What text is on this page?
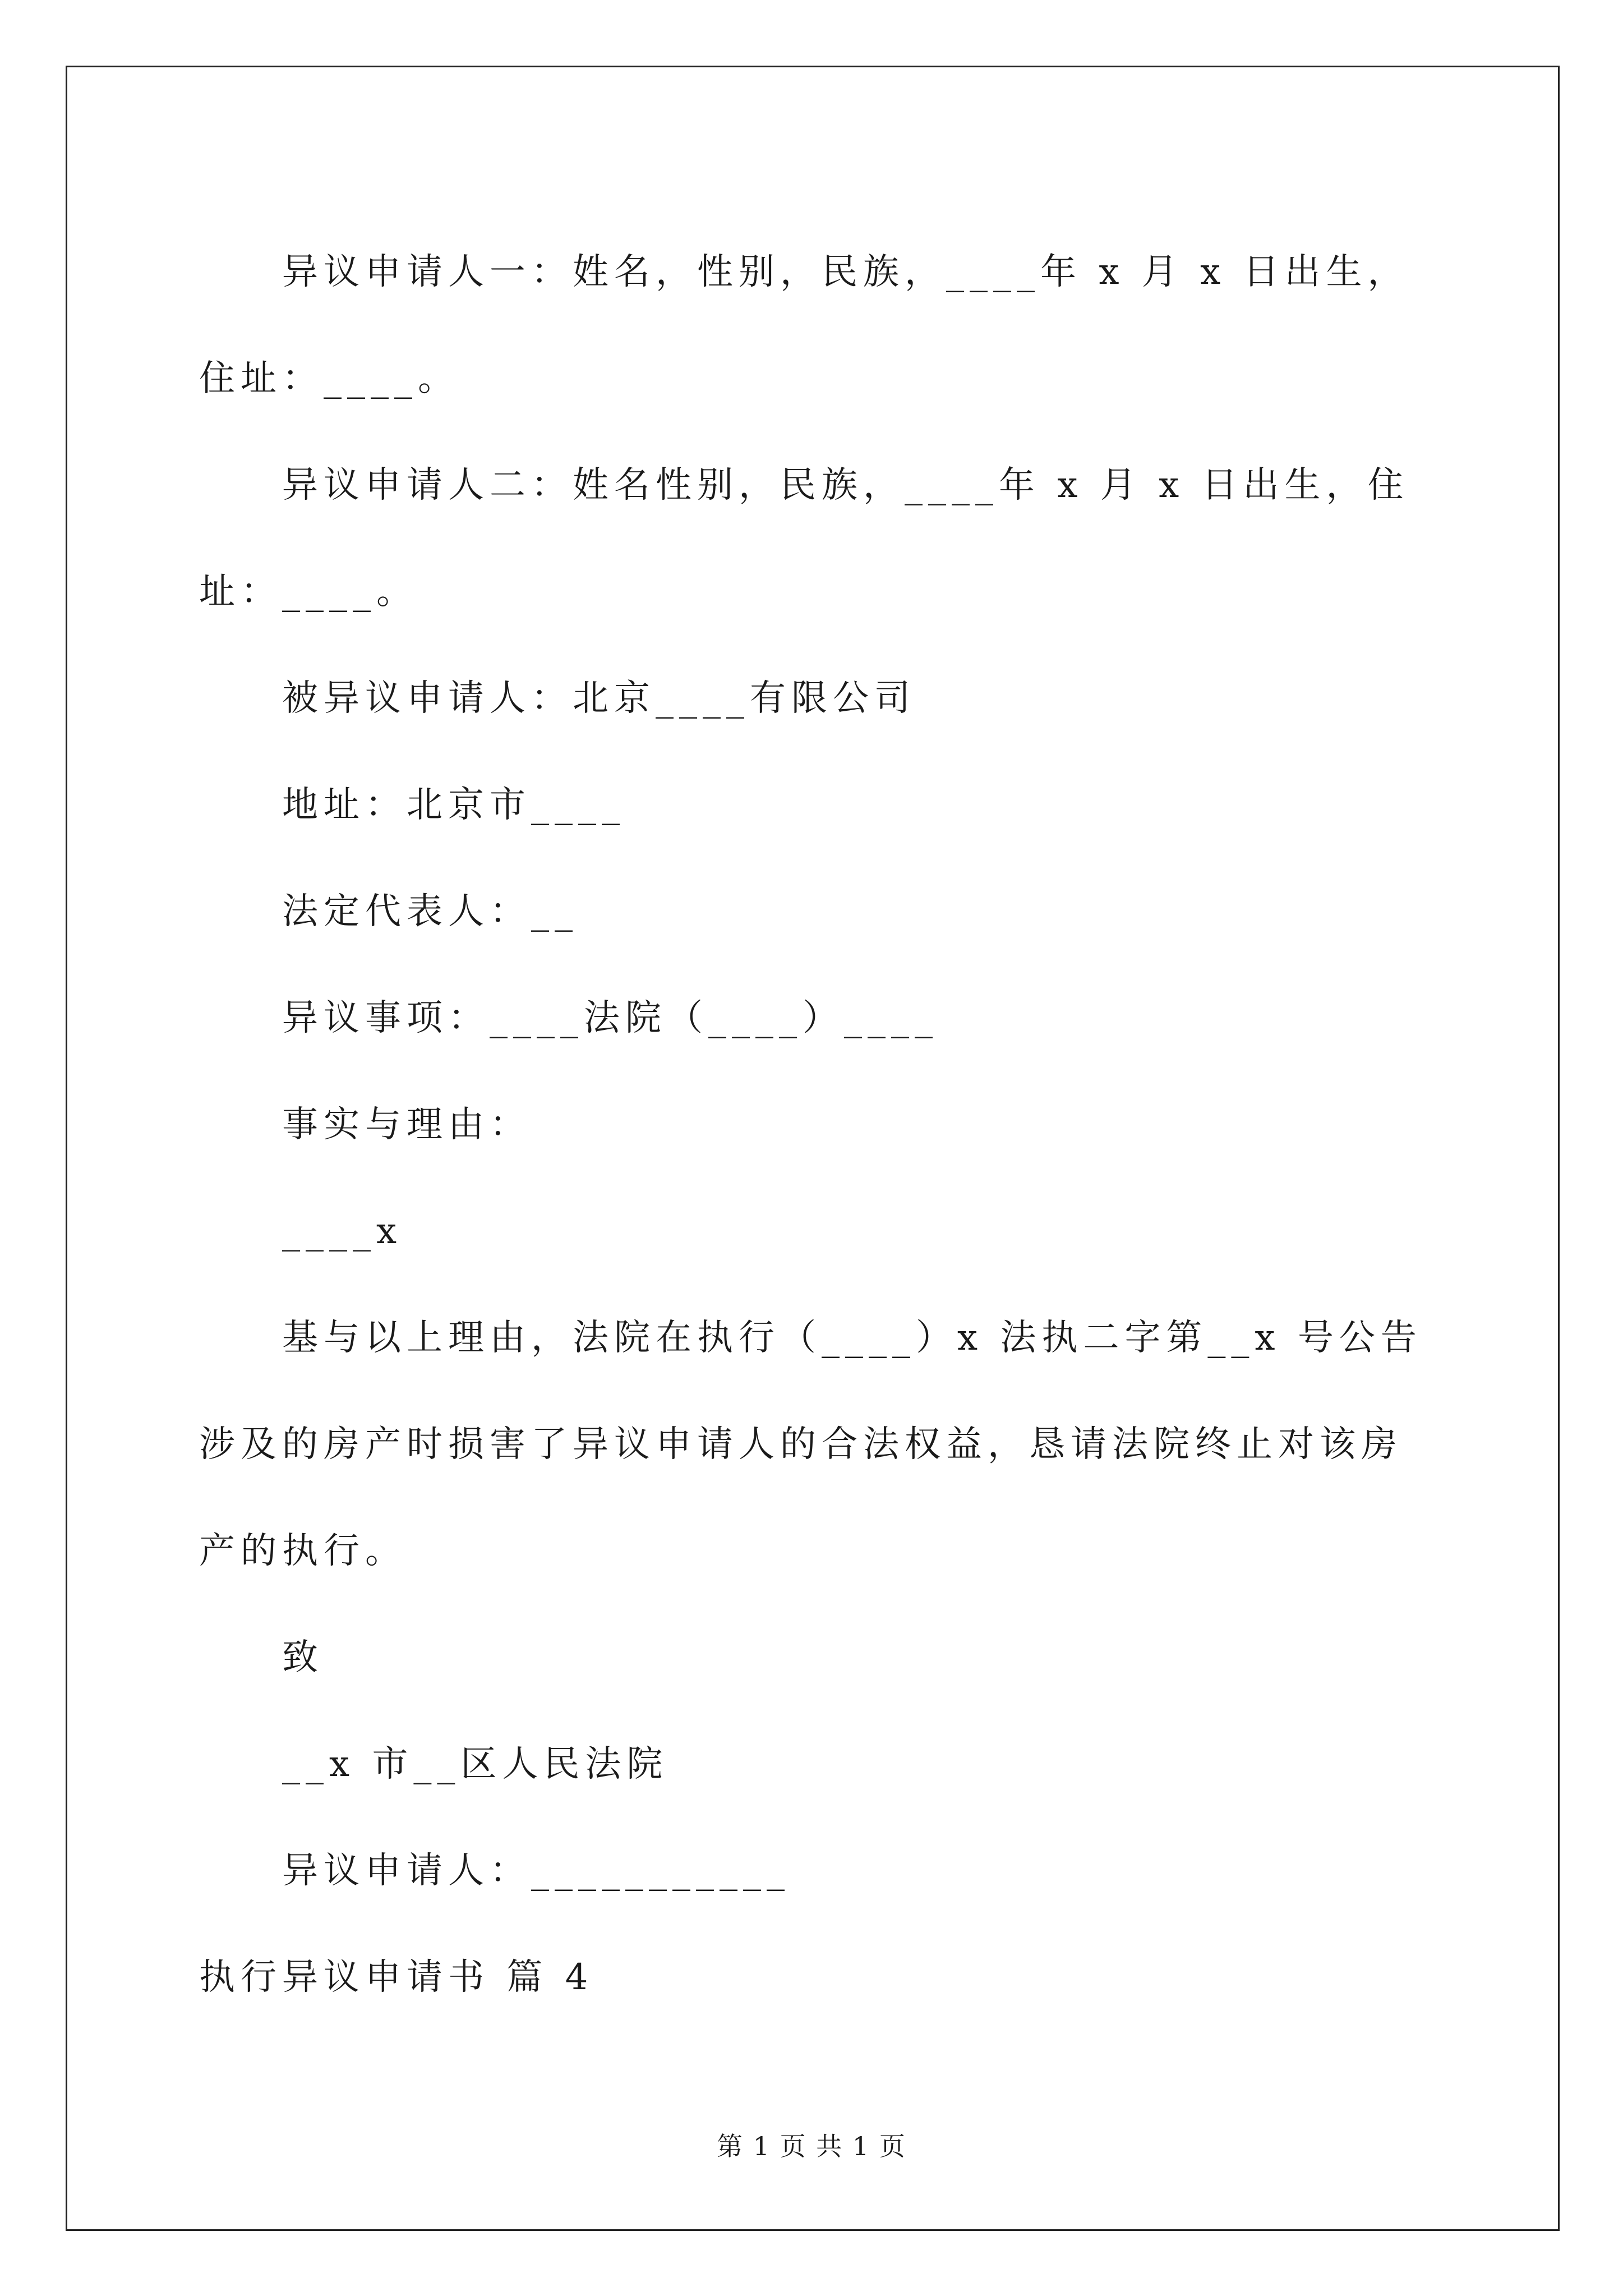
异议申请人一：姓名，性别，民族，____年 x 月 x 日出生，住址：____。

异议申请人二：姓名性别，民族，____年 x 月 x 日出生，住址：____。

被异议申请人：北京____有限公司

地址：北京市____

法定代表人：__

异议事项：____法院（____）____

事实与理由：

____x

基与以上理由，法院在执行（____）x 法执二字第__x 号公告涉及的房产时损害了异议申请人的合法权益，恳请法院终止对该房产的执行。

致

__x 市__区人民法院

异议申请人：___________

执行异议申请书 篇 4

第 1 页 共 1 页
